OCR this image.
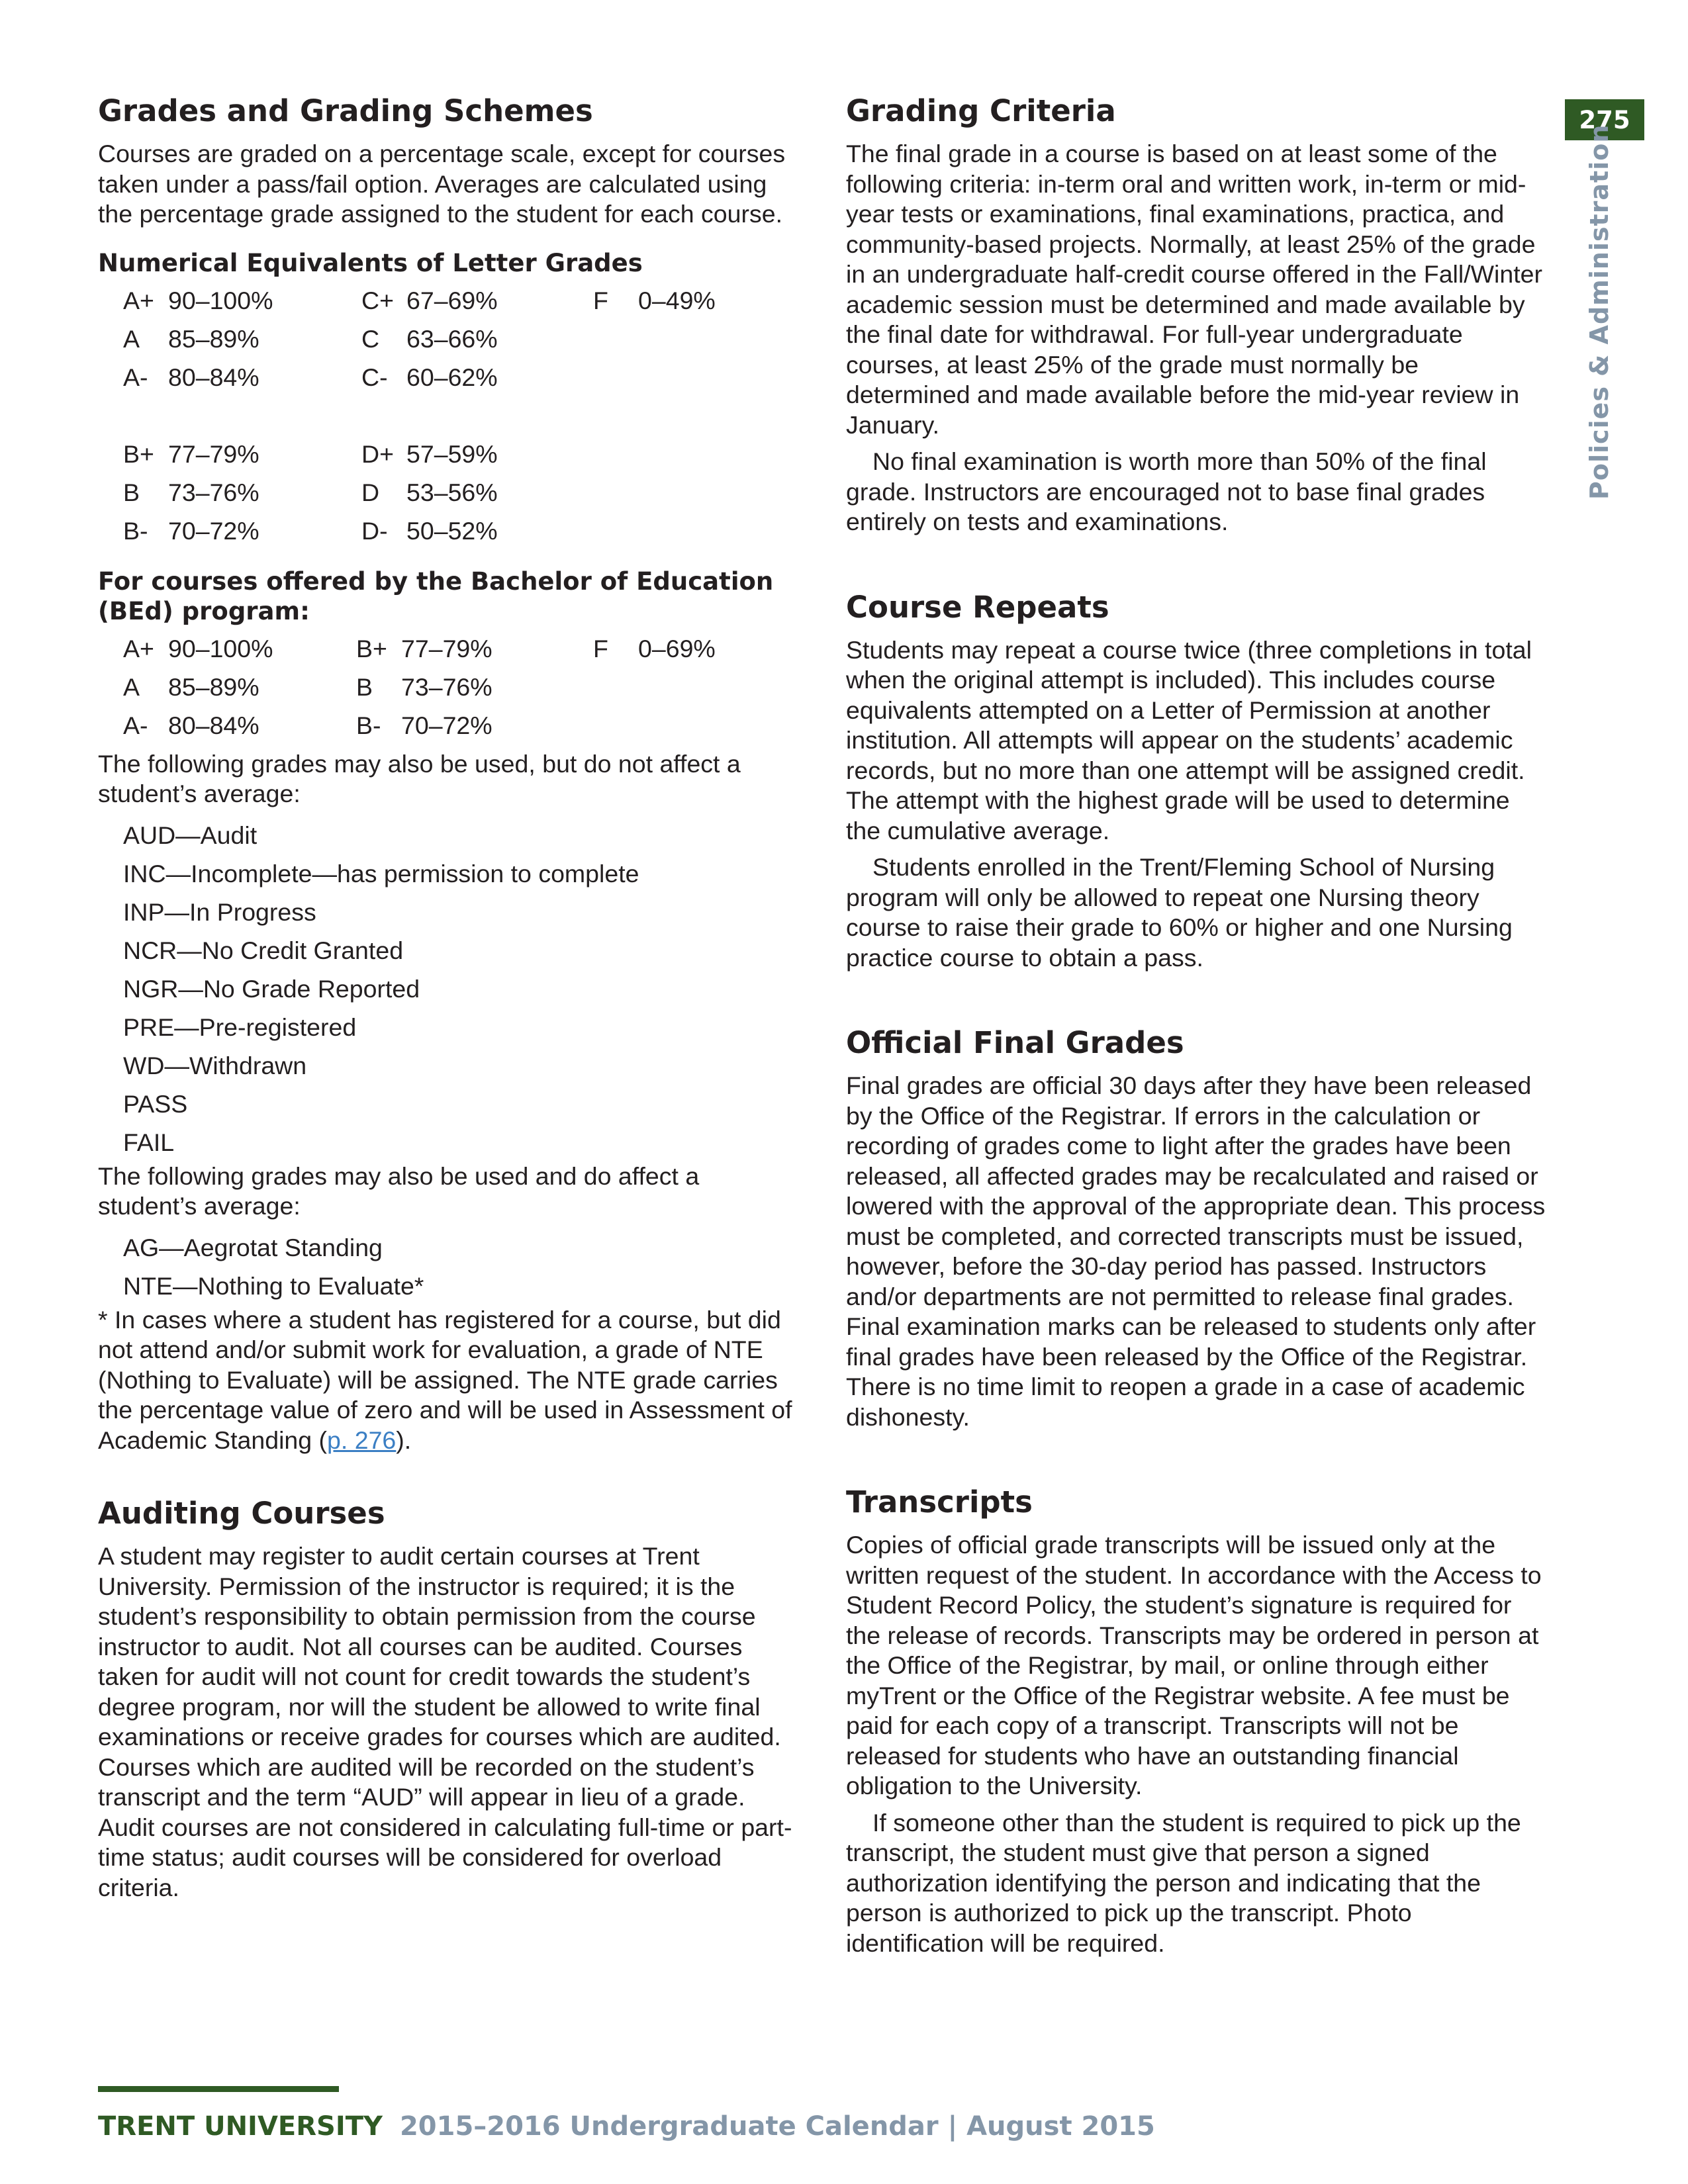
Grades and Grading Schemes

Courses are graded on a percentage scale, except for courses taken under a pass/fail option. Averages are calculated using the percentage grade assigned to the student for each course.

Numerical Equivalents of Letter Grades
A+ 90–100%	C+ 67–69%	F 0–49%
A 85–89%	C 63–66%	
A- 80–84%	C- 60–62%	

B+ 77–79%	D+ 57–59%	
B 73–76%	D 53–56%	
B- 70–72%	D- 50–52%	
For courses offered by the Bachelor of Education (BEd) program:
A+ 90–100%	B+ 77–79%	F 0–69%
A 85–89%	B 73–76%	
A- 80–84%	B- 70–72%	

The following grades may also be used, but do not affect a student’s average:

AUD—Audit
INC—Incomplete—has permission to complete
INP—In Progress
NCR—No Credit Granted
NGR—No Grade Reported
PRE—Pre-registered
WD—Withdrawn
PASS
FAIL

The following grades may also be used and do affect a student’s average:

AG—Aegrotat Standing
NTE—Nothing to Evaluate*

* In cases where a student has registered for a course, but did not attend and/or submit work for evaluation, a grade of NTE (Nothing to Evaluate) will be assigned. The NTE grade carries the percentage value of zero and will be used in Assessment of Academic Standing (p. 276).

Auditing Courses

A student may register to audit certain courses at Trent University. Permission of the instructor is required; it is the student’s responsibility to obtain permission from the course instructor to audit. Not all courses can be audited. Courses taken for audit will not count for credit towards the student’s degree program, nor will the student be allowed to write final examinations or receive grades for courses which are audited. Courses which are audited will be recorded on the student’s transcript and the term “AUD” will appear in lieu of a grade. Audit courses are not considered in calculating full-time or part-time status; audit courses will be considered for overload criteria.

Grading Criteria

The final grade in a course is based on at least some of the following criteria: in-term oral and written work, in-term or mid-year tests or examinations, final examinations, practica, and community-based projects. Normally, at least 25% of the grade in an undergraduate half-credit course offered in the Fall/Winter academic session must be determined and made available by the final date for withdrawal. For full-year undergraduate courses, at least 25% of the grade must normally be determined and made available before the mid-year review in January.

No final examination is worth more than 50% of the final grade. Instructors are encouraged not to base final grades entirely on tests and examinations.

Course Repeats

Students may repeat a course twice (three completions in total when the original attempt is included). This includes course equivalents attempted on a Letter of Permission at another institution. All attempts will appear on the students’ academic records, but no more than one attempt will be assigned credit. The attempt with the highest grade will be used to determine the cumulative average.

Students enrolled in the Trent/Fleming School of Nursing program will only be allowed to repeat one Nursing theory course to raise their grade to 60% or higher and one Nursing practice course to obtain a pass.

Official Final Grades

Final grades are official 30 days after they have been released by the Office of the Registrar. If errors in the calculation or recording of grades come to light after the grades have been released, all affected grades may be recalculated and raised or lowered with the approval of the appropriate dean. This process must be completed, and corrected transcripts must be issued, however, before the 30-day period has passed. Instructors and/or departments are not permitted to release final grades. Final examination marks can be released to students only after final grades have been released by the Office of the Registrar. There is no time limit to reopen a grade in a case of academic dishonesty.

Transcripts

Copies of official grade transcripts will be issued only at the written request of the student. In accordance with the Access to Student Record Policy, the student’s signature is required for the release of records. Transcripts may be ordered in person at the Office of the Registrar, by mail, or online through either myTrent or the Office of the Registrar website. A fee must be paid for each copy of a transcript. Transcripts will not be released for students who have an outstanding financial obligation to the University.

If someone other than the student is required to pick up the transcript, the student must give that person a signed authorization identifying the person and indicating that the person is authorized to pick up the transcript. Photo identification will be required.

275
Policies & Administration
TRENT UNIVERSITY 2015–2016 Undergraduate Calendar | August 2015
